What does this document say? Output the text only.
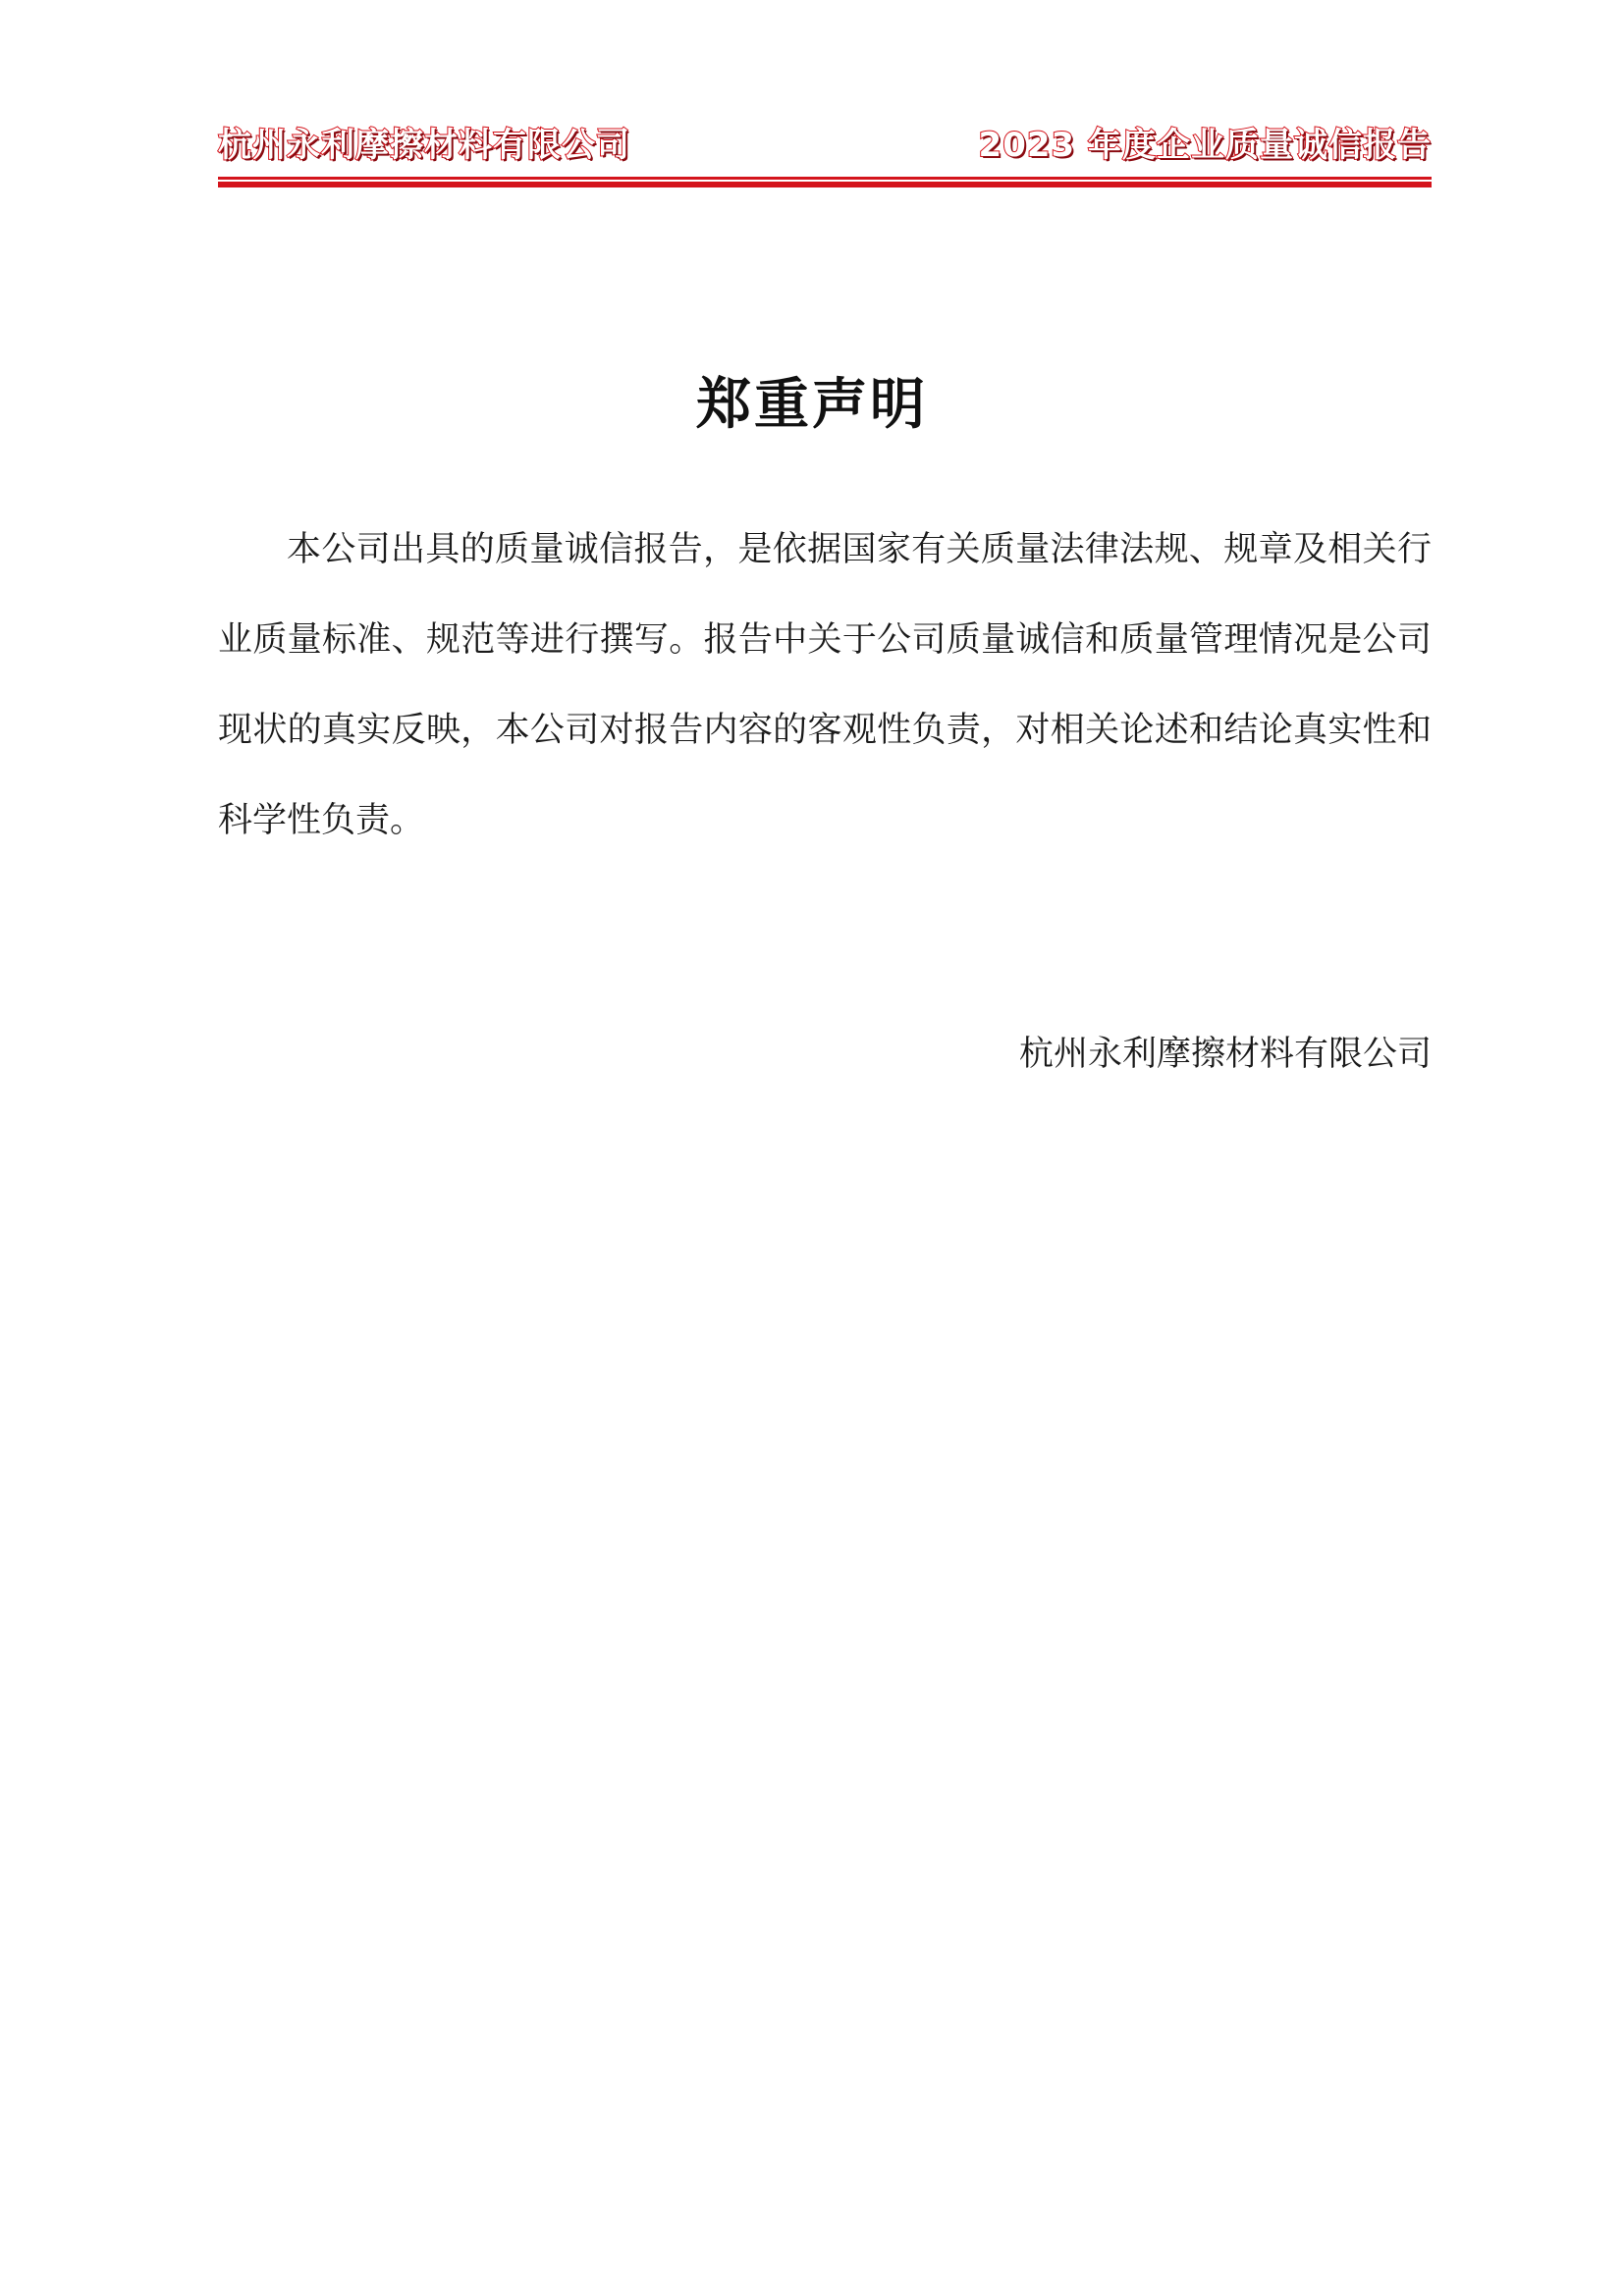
杭州永利摩擦材料有限公司	2023 年度企业质量诚信报告
郑重声明

本公司出具的质量诚信报告，是依据国家有关质量法律法规、规章及相关行业质量标准、规范等进行撰写。报告中关于公司质量诚信和质量管理情况是公司现状的真实反映，本公司对报告内容的客观性负责，对相关论述和结论真实性和科学性负责。

杭州永利摩擦材料有限公司
